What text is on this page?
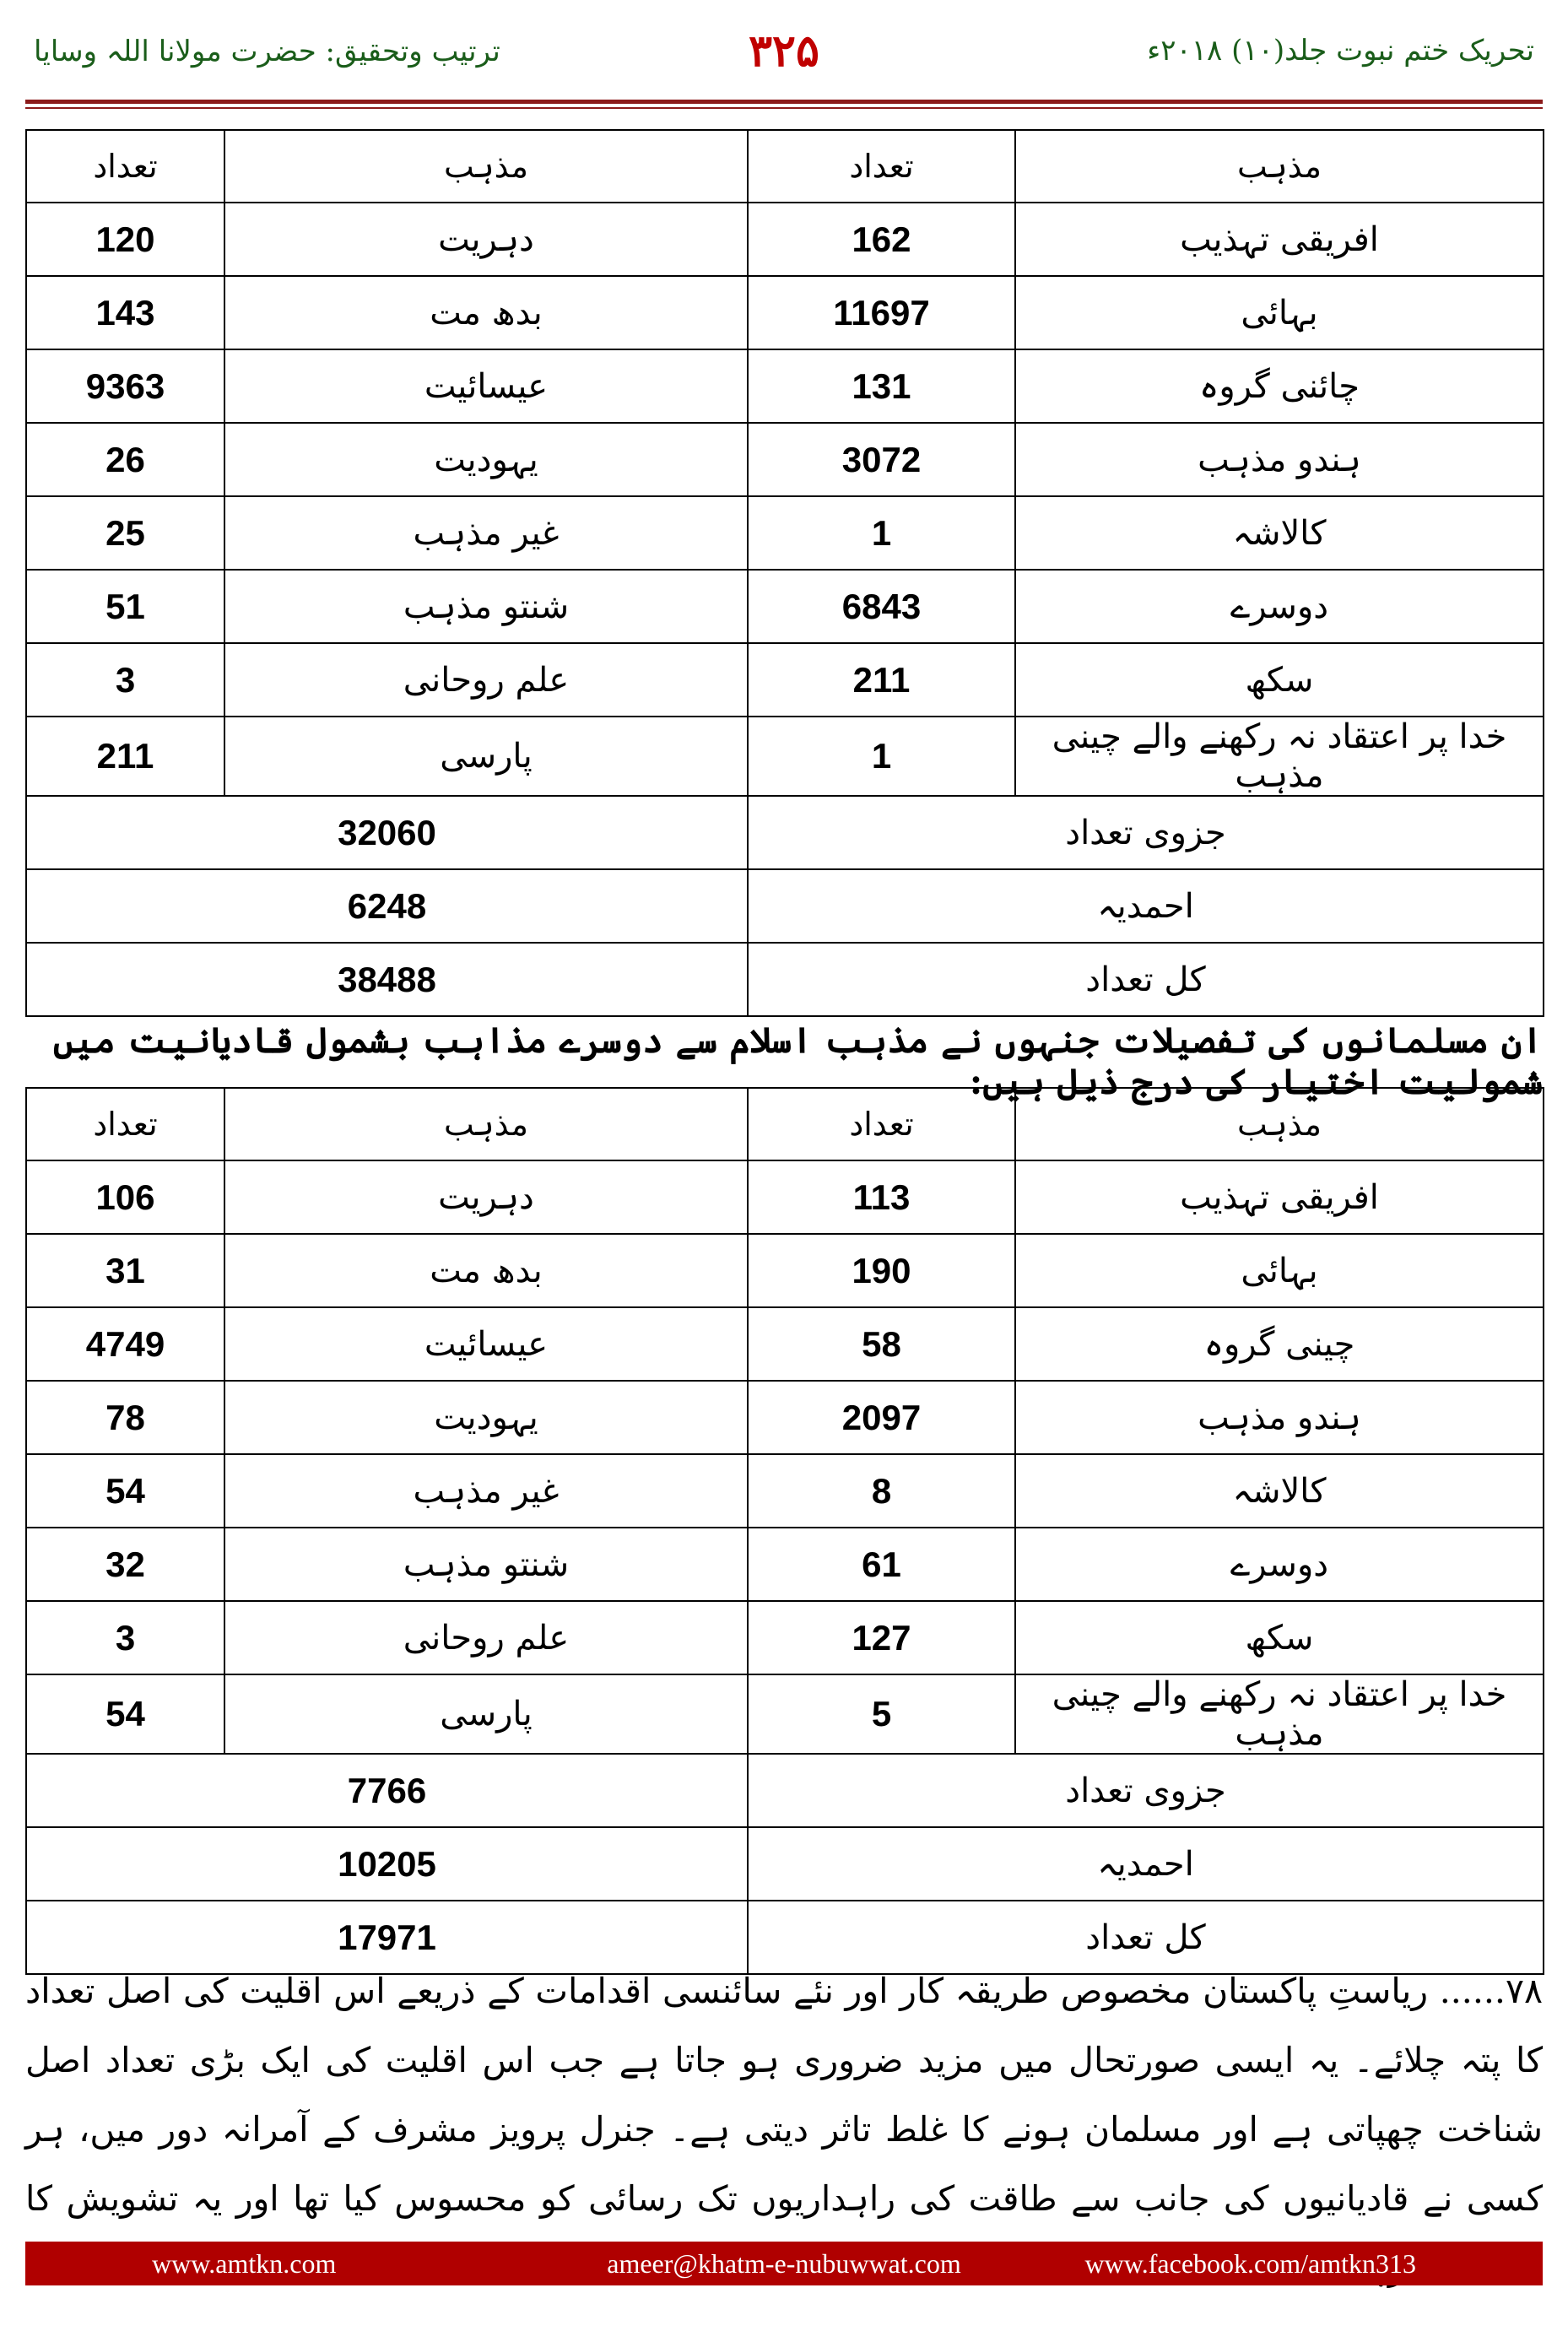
ترتیب وتحقیق: حضرت مولانا اللہ وسایا	۳۲۵	تحریک ختم نبوت جلد(۱۰) ۲۰۱۸ء
مذہب	تعداد	مذہب	تعداد
افریقی تہذیب	162	دہریت	120
بہائی	11697	بدھ مت	143
چائنی گروہ	131	عیسائیت	9363
ہندو مذہب	3072	یہودیت	26
کالاشہ	1	غیر مذہب	25
دوسرے	6843	شنتو مذہب	51
سکھ	211	علم روحانی	3
خدا پر اعتقاد نہ رکھنے والے چینی مذہب	1	پارسی	211
جزوی تعداد		32060	
احمدیہ		6248	
کل تعداد		38488	
ان مسلمانوں کی تفصیلات جنہوں نے مذہب اسلام سے دوسرے مذاہب بشمول قادیانیت میں شمولیت اختیار کی درج ذیل ہیں:
مذہب	تعداد	مذہب	تعداد
افریقی تہذیب	113	دہریت	106
بہائی	190	بدھ مت	31
چینی گروہ	58	عیسائیت	4749
ہندو مذہب	2097	یہودیت	78
کالاشہ	8	غیر مذہب	54
دوسرے	61	شنتو مذہب	32
سکھ	127	علم روحانی	3
خدا پر اعتقاد نہ رکھنے والے چینی مذہب	5	پارسی	54
جزوی تعداد		7766	
احمدیہ		10205	
کل تعداد		17971	
۷۸...... ریاستِ پاکستان مخصوص طریقہ کار اور نئے سائنسی اقدامات کے ذریعے اس اقلیت کی اصل تعداد کا پتہ چلائے۔ یہ ایسی صورتحال میں مزید ضروری ہو جاتا ہے جب اس اقلیت کی ایک بڑی تعداد اصل شناخت چھپاتی ہے اور مسلمان ہونے کا غلط تاثر دیتی ہے۔ جنرل پرویز مشرف کے آمرانہ دور میں، ہر کسی نے قادیانیوں کی جانب سے طاقت کی راہداریوں تک رسائی کو محسوس کیا تھا اور یہ تشویش کا
www.amtkn.com	ameer@khatm-e-nubuwwat.com	www.facebook.com/amtkn313
